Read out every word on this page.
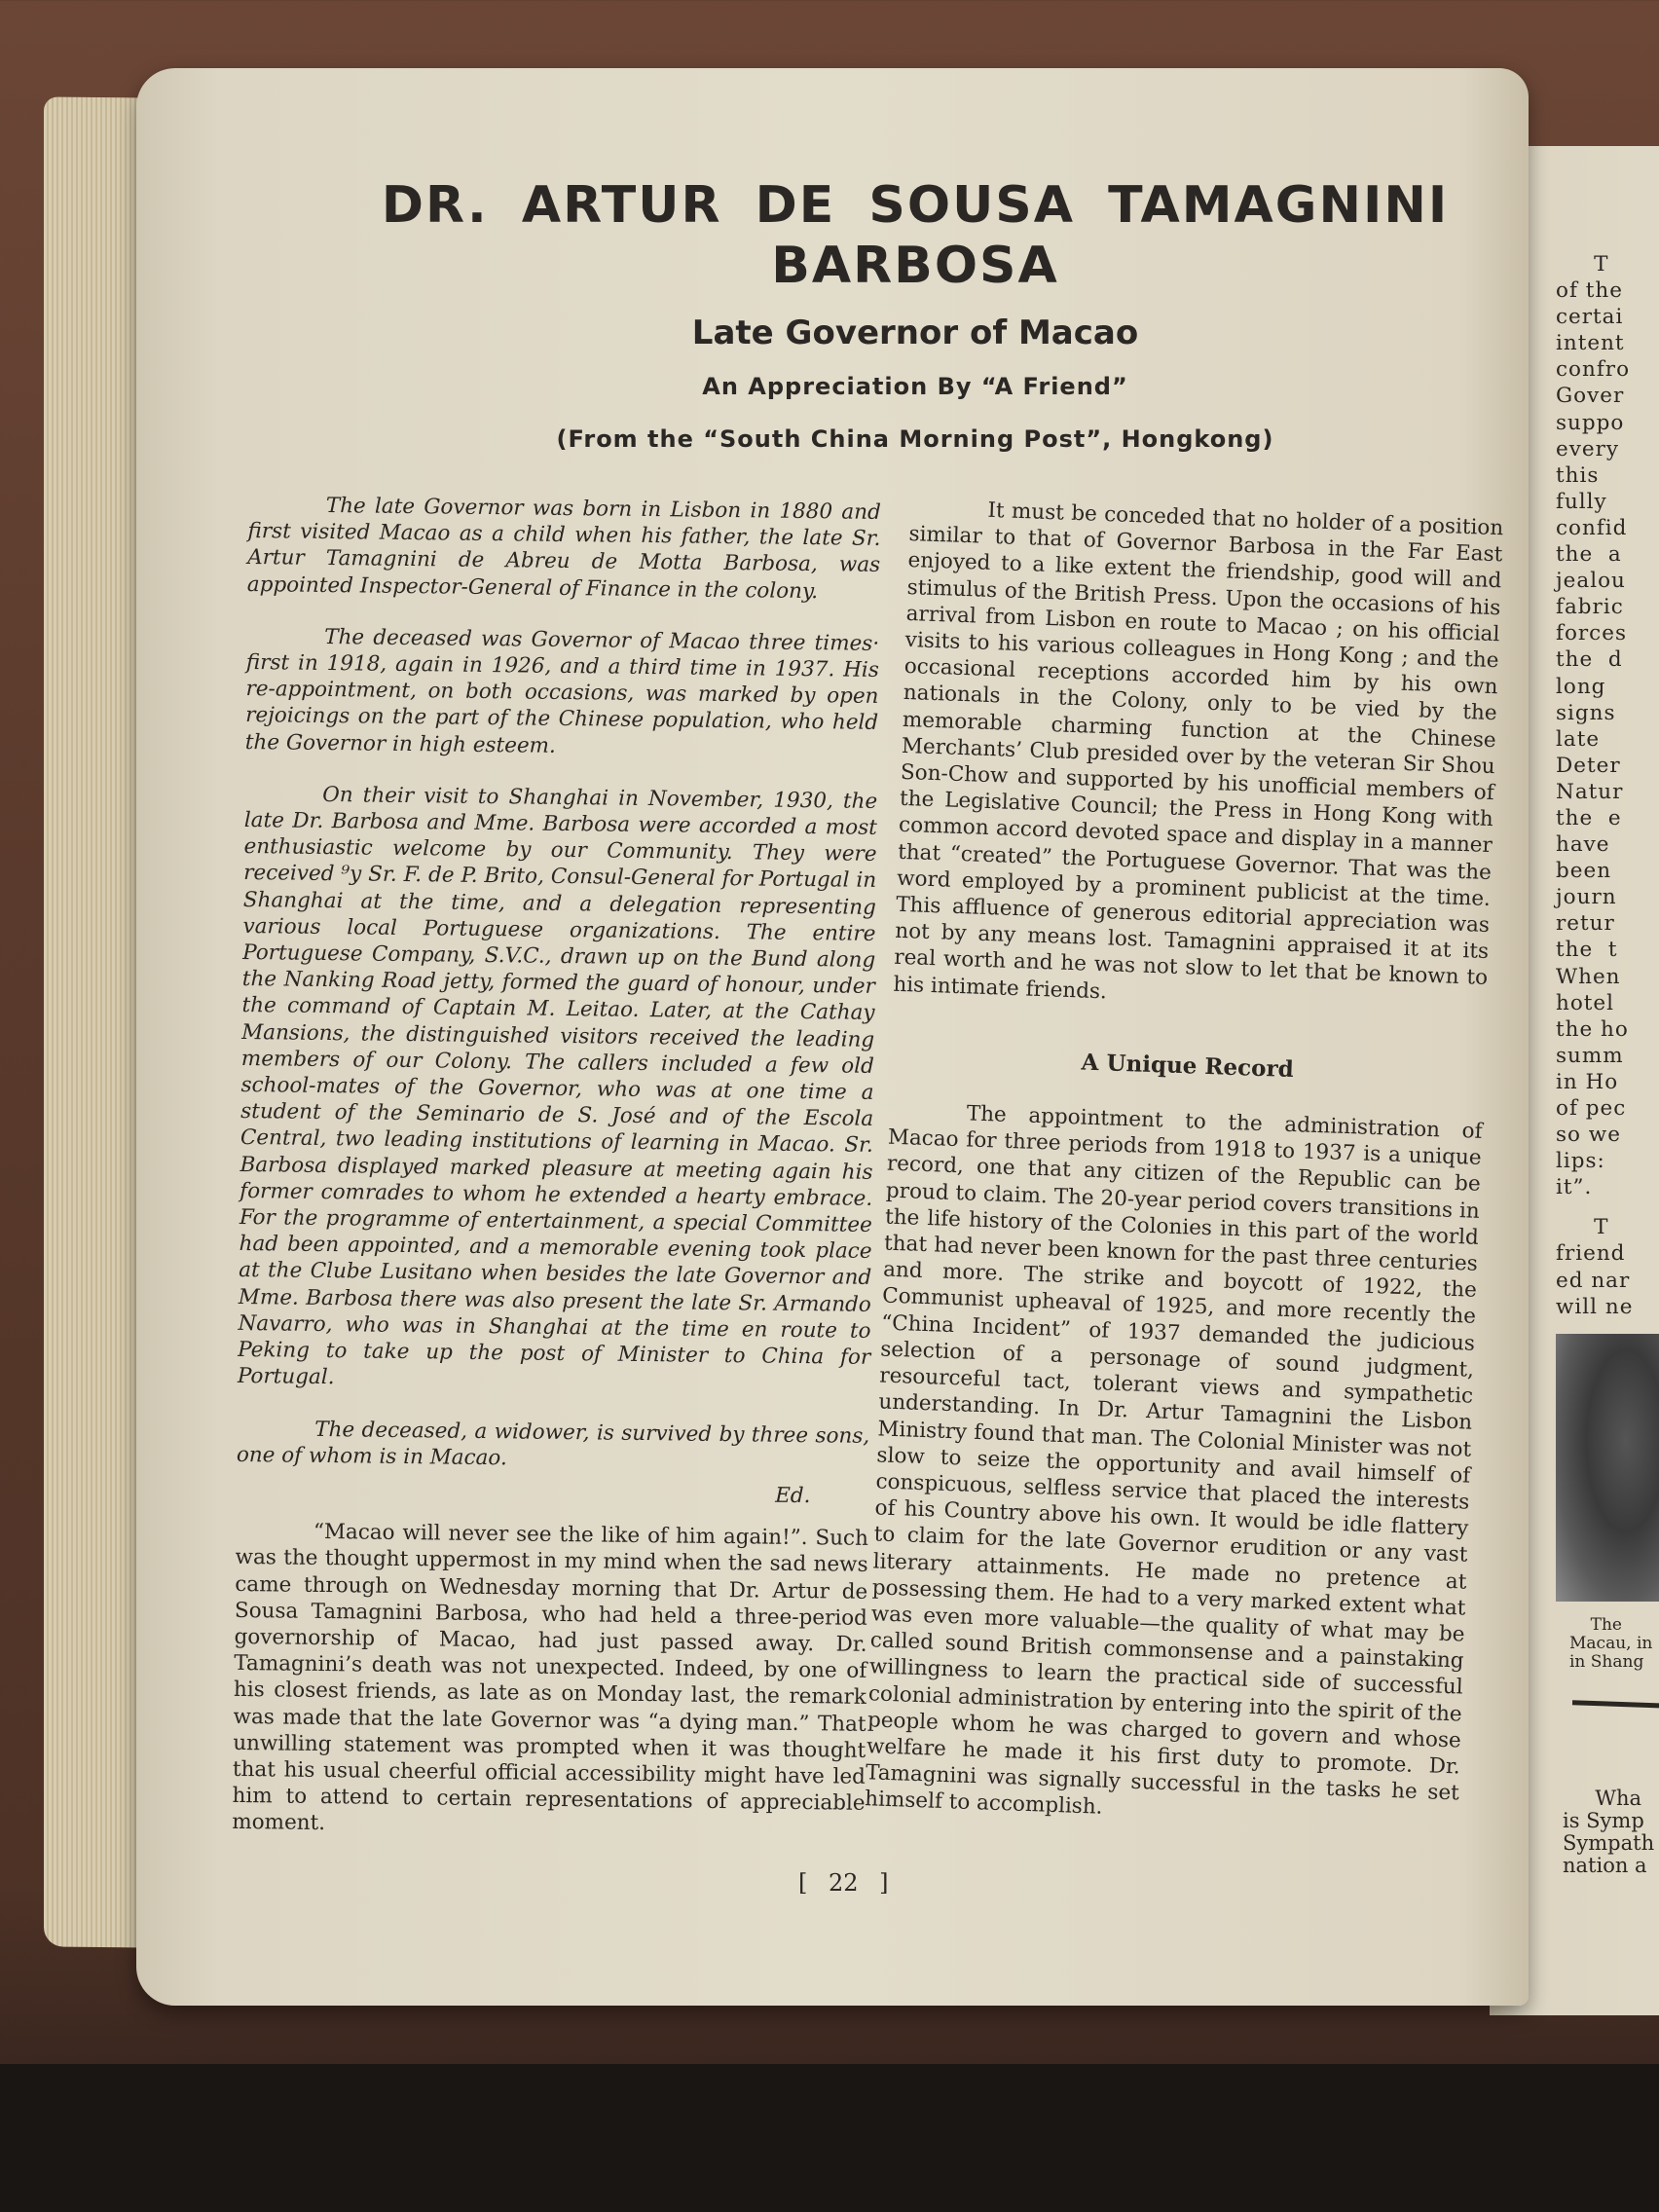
DR. ARTUR DE SOUSA TAMAGNINI
BARBOSA
Late Governor of Macao
An Appreciation By “A Friend”
(From the “South China Morning Post”, Hongkong)

The late Governor was born in Lisbon in 1880 and first visited Macao as a child when his father, the late Sr. Artur Tamagnini de Abreu de Motta Barbosa, was appointed Inspector-General of Finance in the colony.

The deceased was Governor of Macao three times· first in 1918, again in 1926, and a third time in 1937. His re-appointment, on both occasions, was marked by open rejoicings on the part of the Chinese population, who held the Governor in high esteem.

On their visit to Shanghai in November, 1930, the late Dr. Barbosa and Mme. Barbosa were accorded a most enthusiastic welcome by our Community. They were received ⁹y Sr. F. de P. Brito, Consul-General for Portugal in Shanghai at the time, and a delegation representing various local Portuguese organizations. The entire Portuguese Company, S.V.C., drawn up on the Bund along the Nanking Road jetty, formed the guard of honour, under the command of Captain M. Leitao. Later, at the Cathay Mansions, the distinguished visitors received the leading members of our Colony. The callers included a few old school-mates of the Governor, who was at one time a student of the Seminario de S. José and of the Escola Central, two leading institutions of learning in Macao. Sr. Barbosa displayed marked pleasure at meeting again his former comrades to whom he extended a hearty embrace. For the programme of entertainment, a special Committee had been appointed, and a memorable evening took place at the Clube Lusitano when besides the late Governor and Mme. Barbosa there was also present the late Sr. Armando Navarro, who was in Shanghai at the time en route to Peking to take up the post of Minister to China for Portugal.

The deceased, a widower, is survived by three sons, one of whom is in Macao.

Ed.

“Macao will never see the like of him again!”. Such was the thought uppermost in my mind when the sad news came through on Wednesday morning that Dr. Artur de Sousa Tamagnini Barbosa, who had held a three-period governorship of Macao, had just passed away. Dr. Tamagnini’s death was not unexpected. Indeed, by one of his closest friends, as late as on Monday last, the remark was made that the late Governor was “a dying man.” That unwilling statement was prompted when it was thought that his usual cheerful official accessibility might have led him to attend to certain representations of appreciable moment.

It must be conceded that no holder of a position similar to that of Governor Barbosa in the Far East enjoyed to a like extent the friendship, good will and stimulus of the British Press. Upon the occasions of his arrival from Lisbon en route to Macao ; on his official visits to his various colleagues in Hong Kong ; and the occasional receptions accorded him by his own nationals in the Colony, only to be vied by the memorable charming function at the Chinese Merchants’ Club presided over by the veteran Sir Shou Son-Chow and supported by his unofficial members of the Legislative Council; the Press in Hong Kong with common accord devoted space and display in a manner that “created” the Portuguese Governor. That was the word employed by a prominent publicist at the time. This affluence of generous editorial appreciation was not by any means lost. Tamagnini appraised it at its real worth and he was not slow to let that be known to his intimate friends.

A Unique Record

The appointment to the administration of Macao for three periods from 1918 to 1937 is a unique record, one that any citizen of the Republic can be proud to claim. The 20-year period covers transitions in the life history of the Colonies in this part of the world that had never been known for the past three centuries and more. The strike and boycott of 1922, the Communist upheaval of 1925, and more recently the “China Incident” of 1937 demanded the judicious selection of a personage of sound judgment, resourceful tact, tolerant views and sympathetic understanding. In Dr. Artur Tamagnini the Lisbon Ministry found that man. The Colonial Minister was not slow to seize the opportunity and avail himself of conspicuous, selfless service that placed the interests of his Country above his own. It would be idle flattery to claim for the late Governor erudition or any vast literary attainments. He made no pretence at possessing them. He had to a very marked extent what was even more valuable—the quality of what may be called sound British commonsense and a painstaking willingness to learn the practical side of successful colonial administration by entering into the spirit of the people whom he was charged to govern and whose welfare he made it his first duty to promote. Dr. Tamagnini was signally successful in the tasks he set himself to accomplish.

[ 22 ]
T
of the
certai
intent
confro
Gover
suppo
every
this
fully
confid
the  a
jealou
fabric
forces
the  d
long
signs
late
Deter
Natur
the  e
have
been
journ
retur
the  t
When
hotel
the ho
summ
in Ho
of pec
so we
lips:
it”.
T
friend
ed nar
will ne
The
Macau, in
in Shang
Wha
is Symp
Sympath
nation a
